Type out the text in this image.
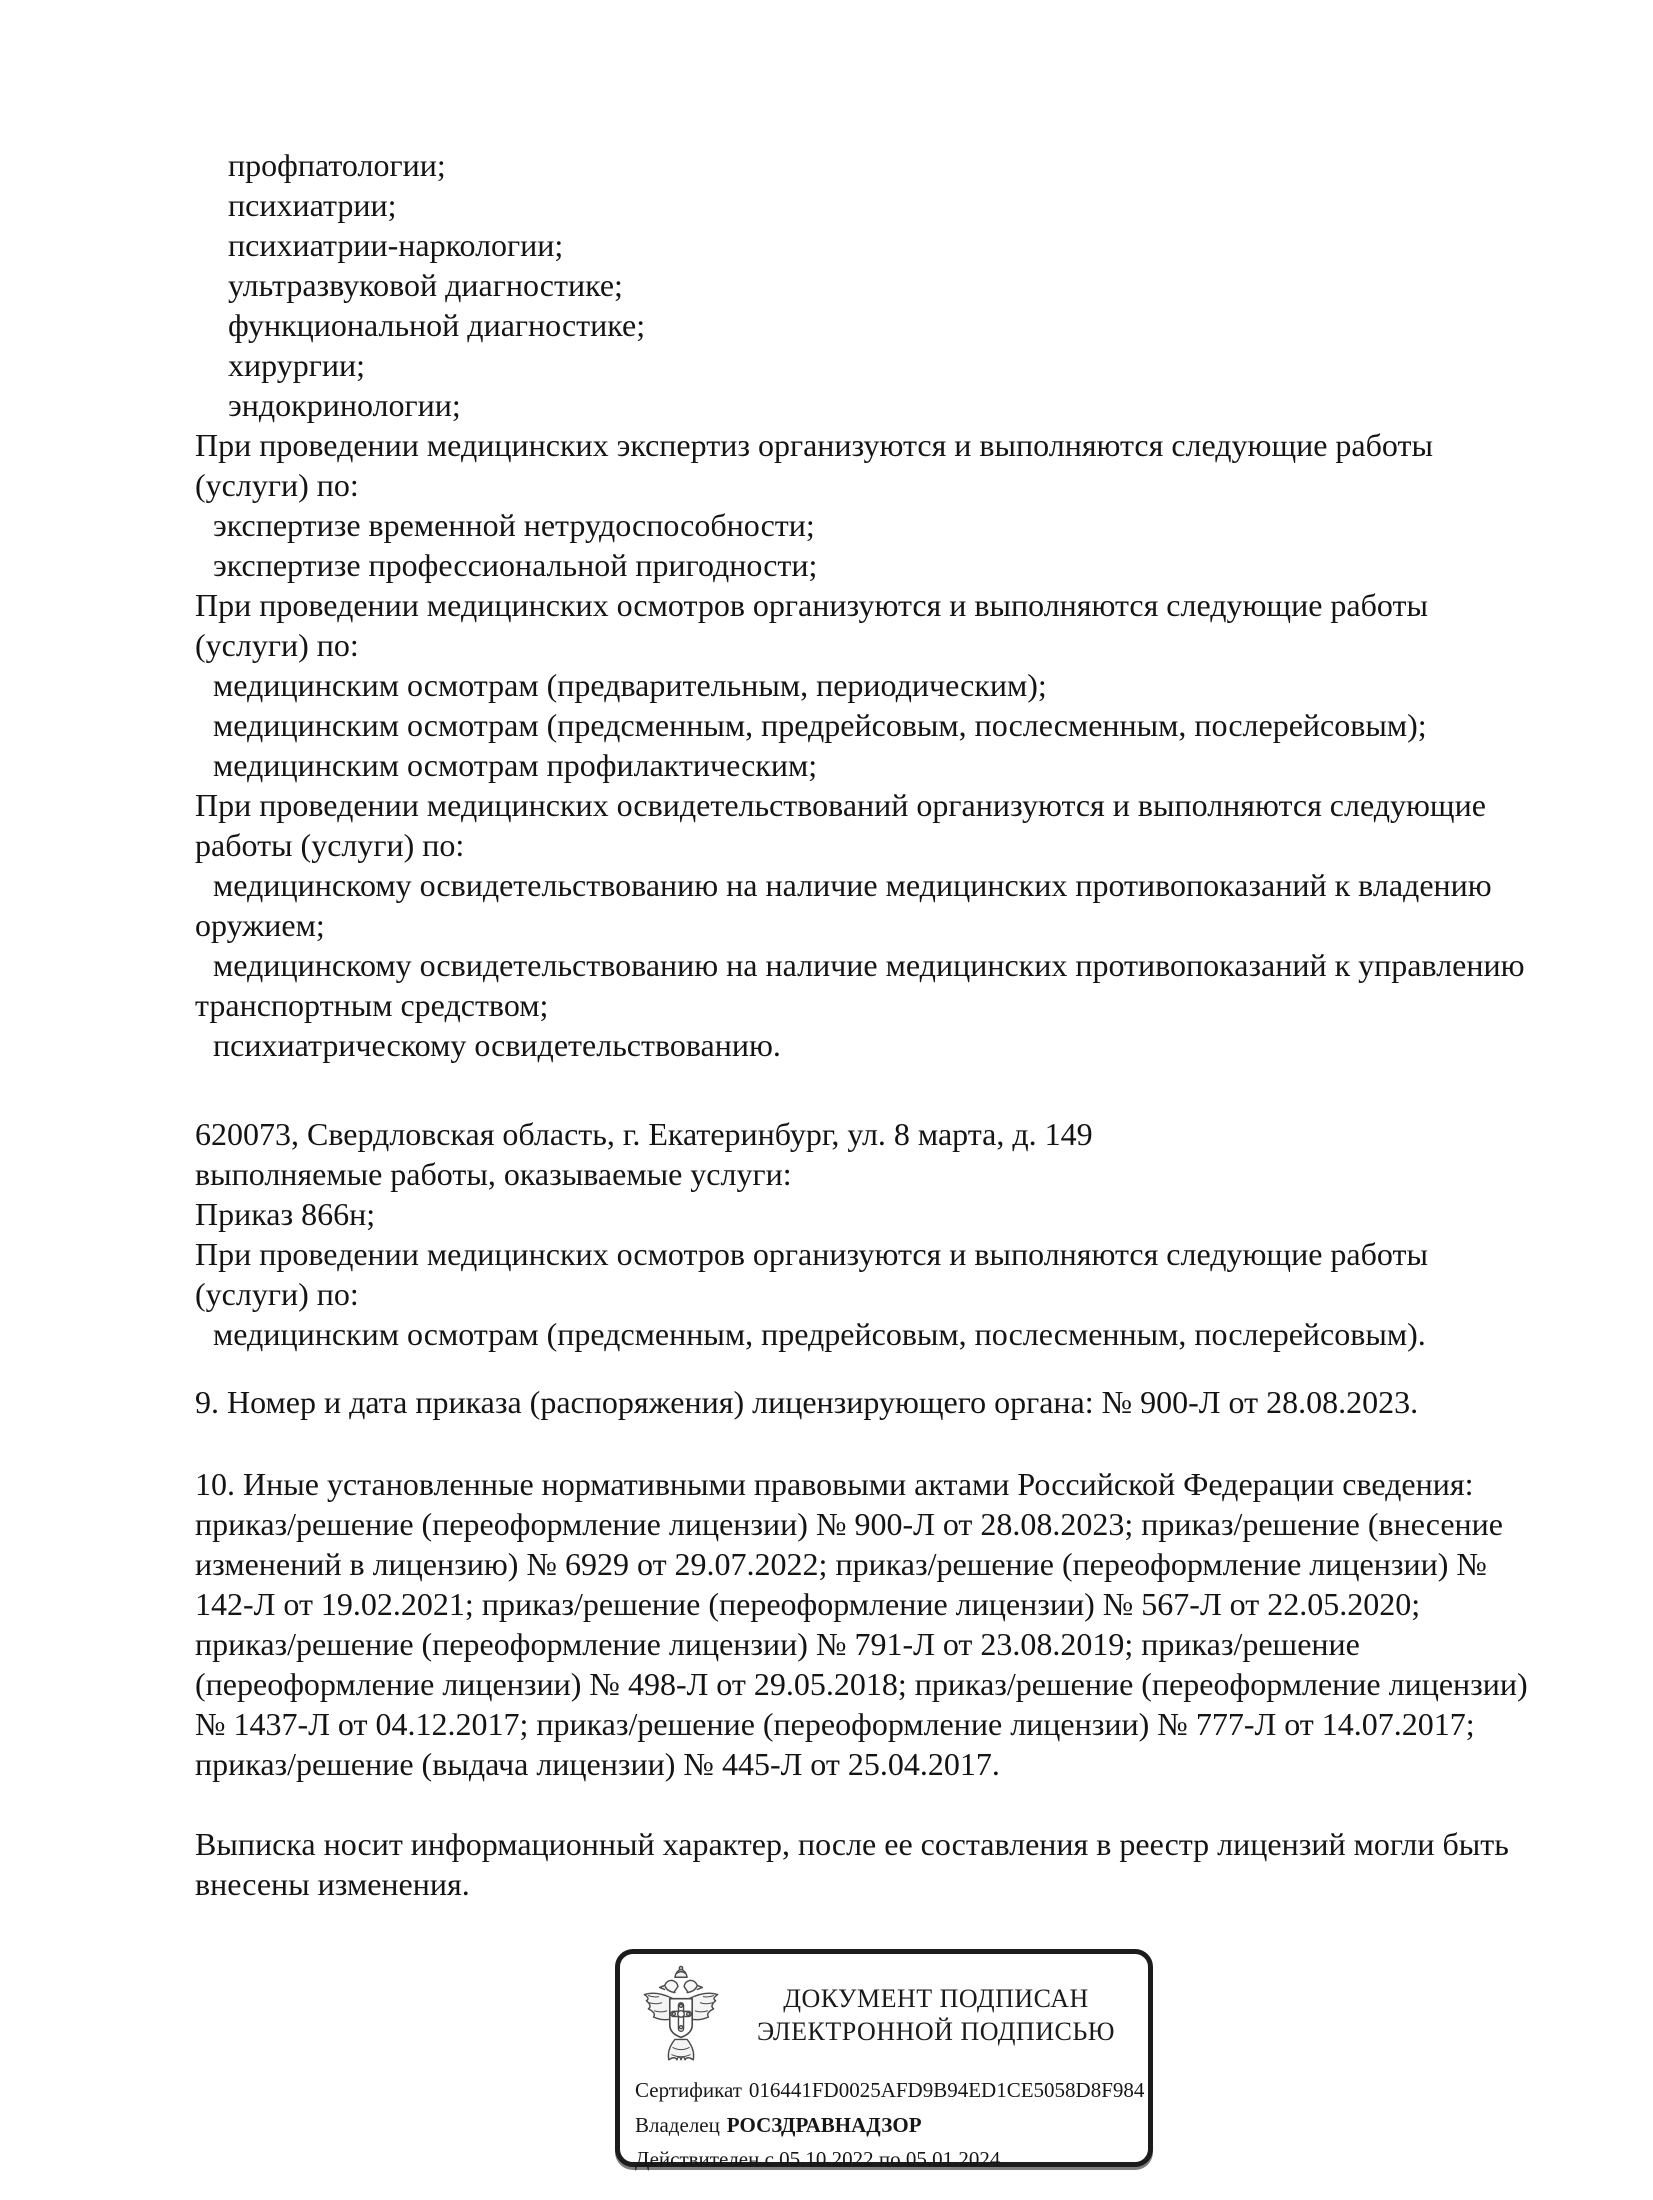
профпатологии;
психиатрии;
психиатрии-наркологии;
ультразвуковой диагностике;
функциональной диагностике;
хирургии;
эндокринологии;
При проведении медицинских экспертиз организуются и выполняются следующие работы
(услуги) по:
экспертизе временной нетрудоспособности;
экспертизе профессиональной пригодности;
При проведении медицинских осмотров организуются и выполняются следующие работы
(услуги) по:
медицинским осмотрам (предварительным, периодическим);
медицинским осмотрам (предсменным, предрейсовым, послесменным, послерейсовым);
медицинским осмотрам профилактическим;
При проведении медицинских освидетельствований организуются и выполняются следующие
работы (услуги) по:
медицинскому освидетельствованию на наличие медицинских противопоказаний к владению
оружием;
медицинскому освидетельствованию на наличие медицинских противопоказаний к управлению
транспортным средством;
психиатрическому освидетельствованию.
620073, Свердловская область, г. Екатеринбург, ул. 8 марта, д. 149
выполняемые работы, оказываемые услуги:
Приказ 866н;
При проведении медицинских осмотров организуются и выполняются следующие работы
(услуги) по:
медицинским осмотрам (предсменным, предрейсовым, послесменным, послерейсовым).
9. Номер и дата приказа (распоряжения) лицензирующего органа: № 900-Л от 28.08.2023.
10. Иные установленные нормативными правовыми актами Российской Федерации сведения:
приказ/решение (переоформление лицензии) № 900-Л от 28.08.2023; приказ/решение (внесение
изменений в лицензию) № 6929 от 29.07.2022; приказ/решение (переоформление лицензии) №
142-Л от 19.02.2021; приказ/решение (переоформление лицензии) № 567-Л от 22.05.2020;
приказ/решение (переоформление лицензии) № 791-Л от 23.08.2019; приказ/решение
(переоформление лицензии) № 498-Л от 29.05.2018; приказ/решение (переоформление лицензии)
№ 1437-Л от 04.12.2017; приказ/решение (переоформление лицензии) № 777-Л от 14.07.2017;
приказ/решение (выдача лицензии) № 445-Л от 25.04.2017.
Выписка носит информационный характер, после ее составления в реестр лицензий могли быть
внесены изменения.
ДОКУМЕНТ ПОДПИСАН
ЭЛЕКТРОННОЙ ПОДПИСЬЮ
Сертификат 016441FD0025AFD9B94ED1CE5058D8F984
Владелец РОСЗДРАВНАДЗОР
Действителен с 05.10.2022 по 05.01.2024
